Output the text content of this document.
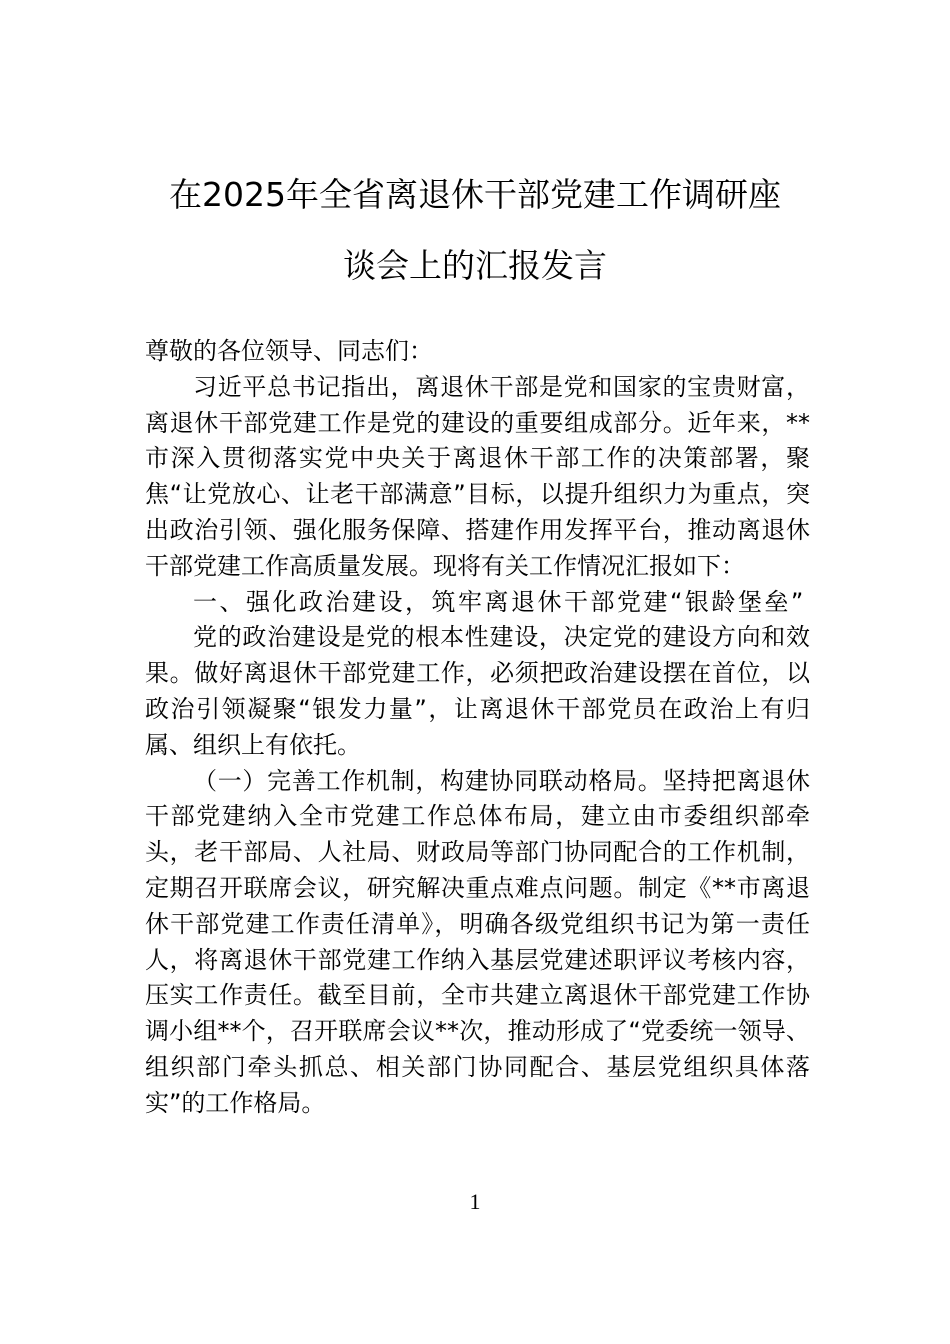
在2025年全省离退休干部党建工作调研座
谈会上的汇报发言

尊敬的各位领导、同志们：

习近平总书记指出，离退休干部是党和国家的宝贵财富，离退休干部党建工作是党的建设的重要组成部分。近年来，**市深入贯彻落实党中央关于离退休干部工作的决策部署，聚焦“让党放心、让老干部满意”目标，以提升组织力为重点，突出政治引领、强化服务保障、搭建作用发挥平台，推动离退休干部党建工作高质量发展。现将有关工作情况汇报如下：

一、强化政治建设，筑牢离退休干部党建“银龄堡垒”

党的政治建设是党的根本性建设，决定党的建设方向和效果。做好离退休干部党建工作，必须把政治建设摆在首位，以政治引领凝聚“银发力量”，让离退休干部党员在政治上有归属、组织上有依托。

（一）完善工作机制，构建协同联动格局。坚持把离退休干部党建纳入全市党建工作总体布局，建立由市委组织部牵头，老干部局、人社局、财政局等部门协同配合的工作机制，定期召开联席会议，研究解决重点难点问题。制定《**市离退休干部党建工作责任清单》，明确各级党组织书记为第一责任人，将离退休干部党建工作纳入基层党建述职评议考核内容，压实工作责任。截至目前，全市共建立离退休干部党建工作协调小组**个，召开联席会议**次，推动形成了“党委统一领导、组织部门牵头抓总、相关部门协同配合、基层党组织具体落实”的工作格局。

1
